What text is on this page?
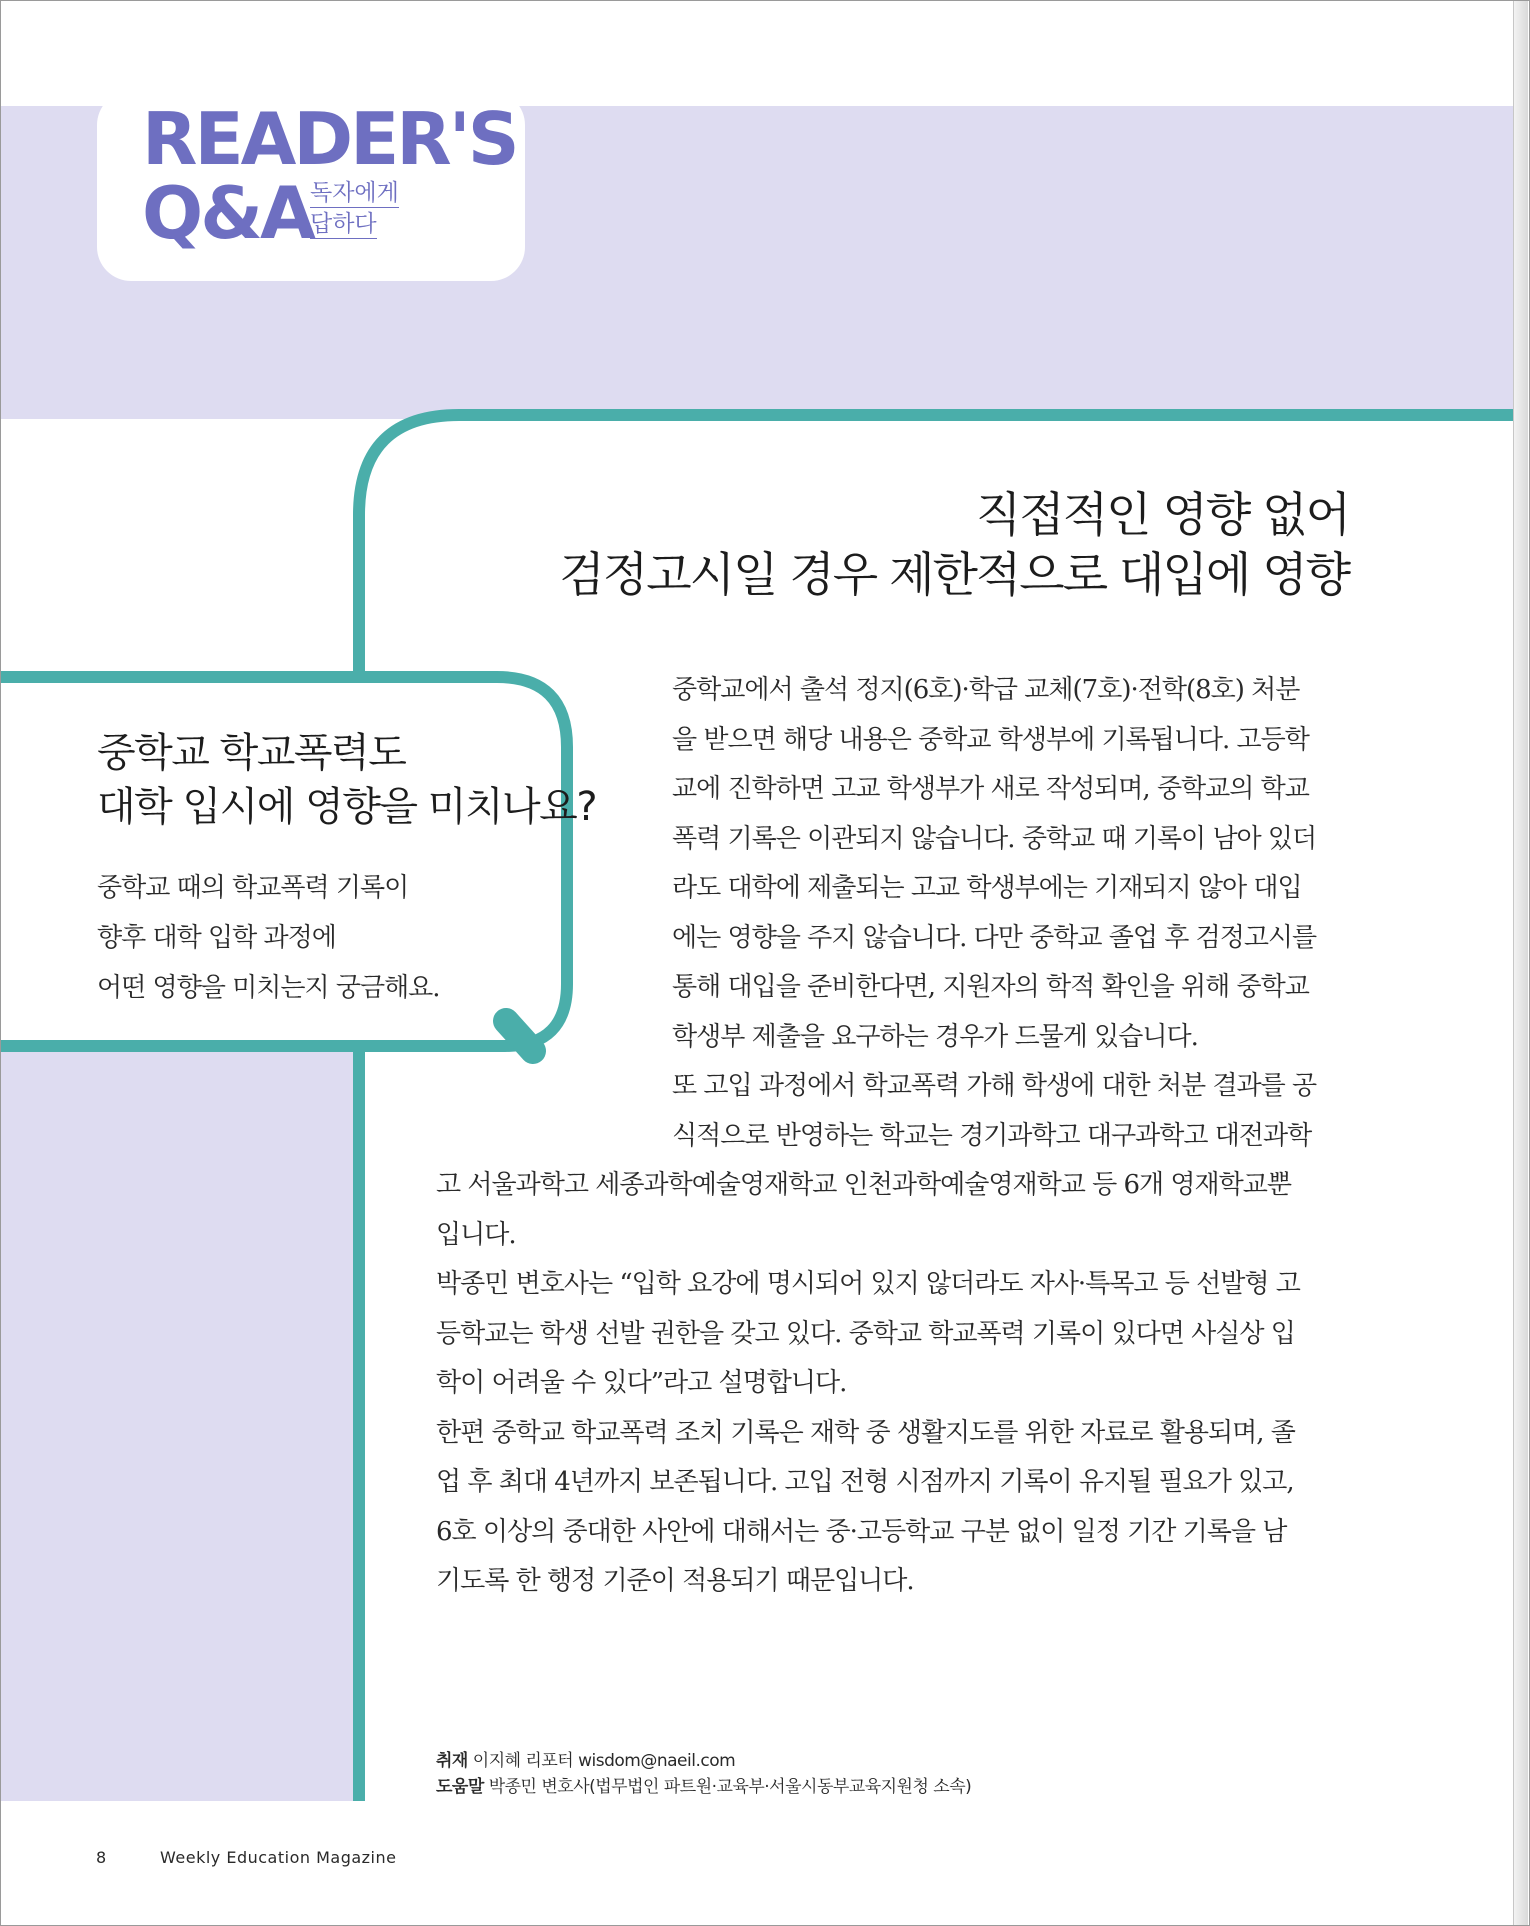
READER'S
Q&A
독자에게
답하다
직접적인 영향 없어
검정고시일 경우 제한적으로 대입에 영향
중학교 학교폭력도
대학 입시에 영향을 미치나요?
중학교 때의 학교폭력 기록이
향후 대학 입학 과정에
어떤 영향을 미치는지 궁금해요.
중학교에서 출석 정지(6호)·학급 교체(7호)·전학(8호) 처분
을 받으면 해당 내용은 중학교 학생부에 기록됩니다. 고등학
교에 진학하면 고교 학생부가 새로 작성되며, 중학교의 학교
폭력 기록은 이관되지 않습니다. 중학교 때 기록이 남아 있더
라도 대학에 제출되는 고교 학생부에는 기재되지 않아 대입
에는 영향을 주지 않습니다. 다만 중학교 졸업 후 검정고시를
통해 대입을 준비한다면, 지원자의 학적 확인을 위해 중학교
학생부 제출을 요구하는 경우가 드물게 있습니다.
또 고입 과정에서 학교폭력 가해 학생에 대한 처분 결과를 공
식적으로 반영하는 학교는 경기과학고 대구과학고 대전과학
고 서울과학고 세종과학예술영재학교 인천과학예술영재학교 등 6개 영재학교뿐
입니다.
박종민 변호사는 “입학 요강에 명시되어 있지 않더라도 자사·특목고 등 선발형 고
등학교는 학생 선발 권한을 갖고 있다. 중학교 학교폭력 기록이 있다면 사실상 입
학이 어려울 수 있다”라고 설명합니다.
한편 중학교 학교폭력 조치 기록은 재학 중 생활지도를 위한 자료로 활용되며, 졸
업 후 최대 4년까지 보존됩니다. 고입 전형 시점까지 기록이 유지될 필요가 있고,
6호 이상의 중대한 사안에 대해서는 중·고등학교 구분 없이 일정 기간 기록을 남
기도록 한 행정 기준이 적용되기 때문입니다.
취재 이지혜 리포터 wisdom@naeil.com
도움말 박종민 변호사(법무법인 파트원·교육부·서울시동부교육지원청 소속)
8	Weekly Education Magazine
